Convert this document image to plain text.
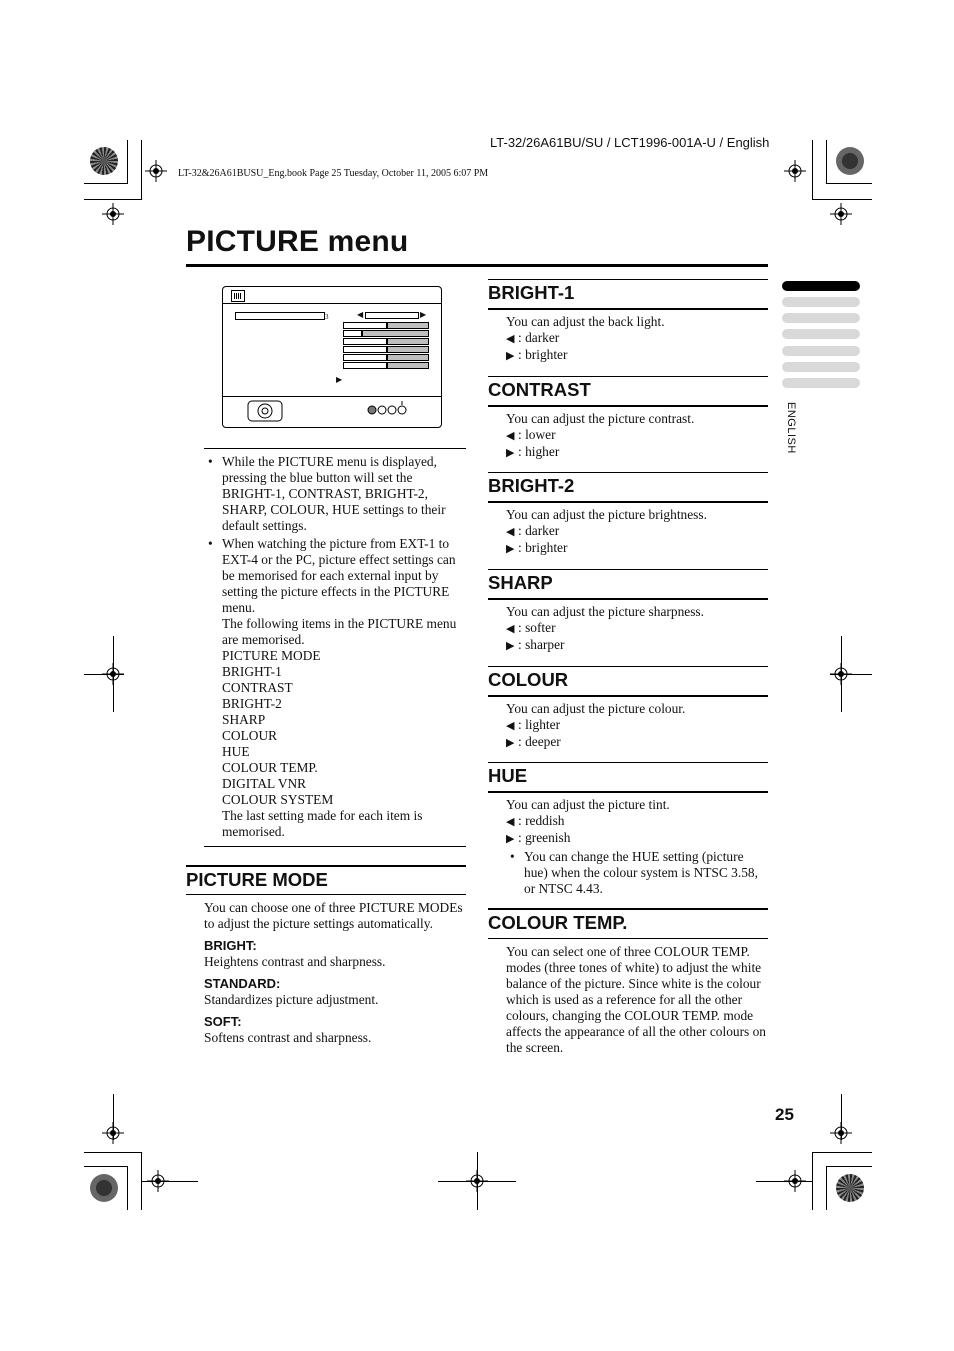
LT-32/26A61BU/SU / LCT1996-001A-U / English
LT-32&26A61BUSU_Eng.book Page 25 Tuesday, October 11, 2005 6:07 PM
PICTURE menu
ENGLISH
3	◀	▶
▶
• While the PICTURE menu is displayed, pressing the blue button will set the BRIGHT-1, CONTRAST, BRIGHT-2, SHARP, COLOUR, HUE settings to their default settings.
• When watching the picture from EXT-1 to EXT-4 or the PC, picture effect settings can be memorised for each external input by setting the picture effects in the PICTURE menu.
The following items in the PICTURE menu are memorised.
PICTURE MODE
BRIGHT-1
CONTRAST
BRIGHT-2
SHARP
COLOUR
HUE
COLOUR TEMP.
DIGITAL VNR
COLOUR SYSTEM
The last setting made for each item is memorised.
PICTURE MODE
You can choose one of three PICTURE MODEs to adjust the picture settings automatically.
BRIGHT:
Heightens contrast and sharpness.
STANDARD:
Standardizes picture adjustment.
SOFT:
Softens contrast and sharpness.
BRIGHT-1
You can adjust the back light.
◀ : darker
▶ : brighter
CONTRAST
You can adjust the picture contrast.
◀ : lower
▶ : higher
BRIGHT-2
You can adjust the picture brightness.
◀ : darker
▶ : brighter
SHARP
You can adjust the picture sharpness.
◀ : softer
▶ : sharper
COLOUR
You can adjust the picture colour.
◀ : lighter
▶ : deeper
HUE
You can adjust the picture tint.
◀ : reddish
▶ : greenish
• You can change the HUE setting (picture hue) when the colour system is NTSC 3.58, or NTSC 4.43.
COLOUR TEMP.
You can select one of three COLOUR TEMP. modes (three tones of white) to adjust the white balance of the picture. Since white is the colour which is used as a reference for all the other colours, changing the COLOUR TEMP. mode affects the appearance of all the other colours on the screen.
25
